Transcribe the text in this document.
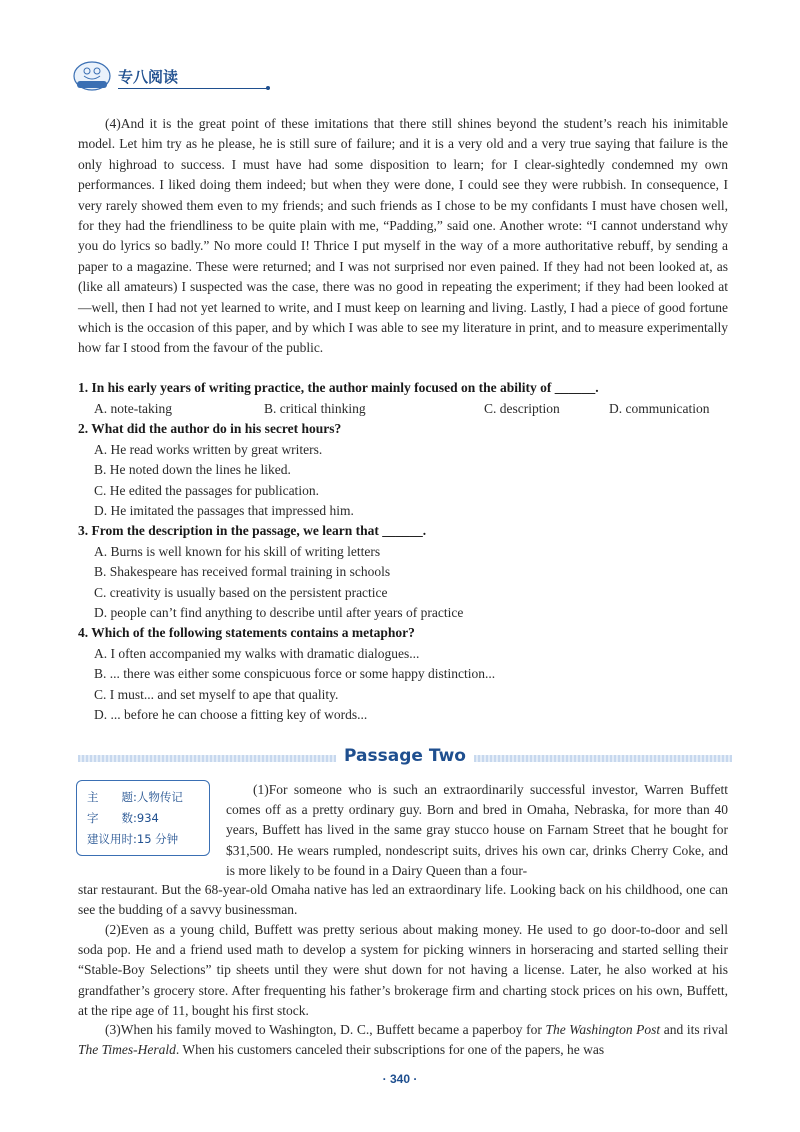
专八阅读

(4)And it is the great point of these imitations that there still shines beyond the student’s reach his inimitable model. Let him try as he please, he is still sure of failure; and it is a very old and a very true saying that failure is the only highroad to success. I must have had some disposition to learn; for I clear-sightedly condemned my own performances. I liked doing them indeed; but when they were done, I could see they were rubbish. In consequence, I very rarely showed them even to my friends; and such friends as I chose to be my confidants I must have chosen well, for they had the friendliness to be quite plain with me, “Padding,” said one. Another wrote: “I cannot understand why you do lyrics so badly.” No more could I! Thrice I put myself in the way of a more authoritative rebuff, by sending a paper to a magazine. These were returned; and I was not surprised nor even pained. If they had not been looked at, as (like all amateurs) I suspected was the case, there was no good in repeating the experiment; if they had been looked at—well, then I had not yet learned to write, and I must keep on learning and living. Lastly, I had a piece of good fortune which is the occasion of this paper, and by which I was able to see my literature in print, and to measure experimentally how far I stood from the favour of the public.

1. In his early years of writing practice, the author mainly focused on the ability of ______.
A. note-taking	B. critical thinking	C. description	D. communication
2. What did the author do in his secret hours?
A. He read works written by great writers.
B. He noted down the lines he liked.
C. He edited the passages for publication.
D. He imitated the passages that impressed him.
3. From the description in the passage, we learn that ______.
A. Burns is well known for his skill of writing letters
B. Shakespeare has received formal training in schools
C. creativity is usually based on the persistent practice
D. people can’t find anything to describe until after years of practice
4. Which of the following statements contains a metaphor?
A. I often accompanied my walks with dramatic dialogues...
B. ... there was either some conspicuous force or some happy distinction...
C. I must... and set myself to ape that quality.
D. ... before he can choose a fitting key of words...
Passage Two
主　　题:人物传记
字　　数:934
建议用时:15 分钟

(1)For someone who is such an extraordinarily successful investor, Warren Buffett comes off as a pretty ordinary guy. Born and bred in Omaha, Nebraska, for more than 40 years, Buffett has lived in the same gray stucco house on Farnam Street that he bought for $31,500. He wears rumpled, nondescript suits, drives his own car, drinks Cherry Coke, and is more likely to be found in a Dairy Queen than a four-

star restaurant. But the 68-year-old Omaha native has led an extraordinary life. Looking back on his childhood, one can see the budding of a savvy businessman.

(2)Even as a young child, Buffett was pretty serious about making money. He used to go door-to-door and sell soda pop. He and a friend used math to develop a system for picking winners in horseracing and started selling their “Stable-Boy Selections” tip sheets until they were shut down for not having a license. Later, he also worked at his grandfather’s grocery store. After frequenting his father’s brokerage firm and charting stock prices on his own, Buffett, at the ripe age of 11, bought his first stock.

(3)When his family moved to Washington, D. C., Buffett became a paperboy for The Washington Post and its rival The Times-Herald. When his customers canceled their subscriptions for one of the papers, he was

· 340 ·
